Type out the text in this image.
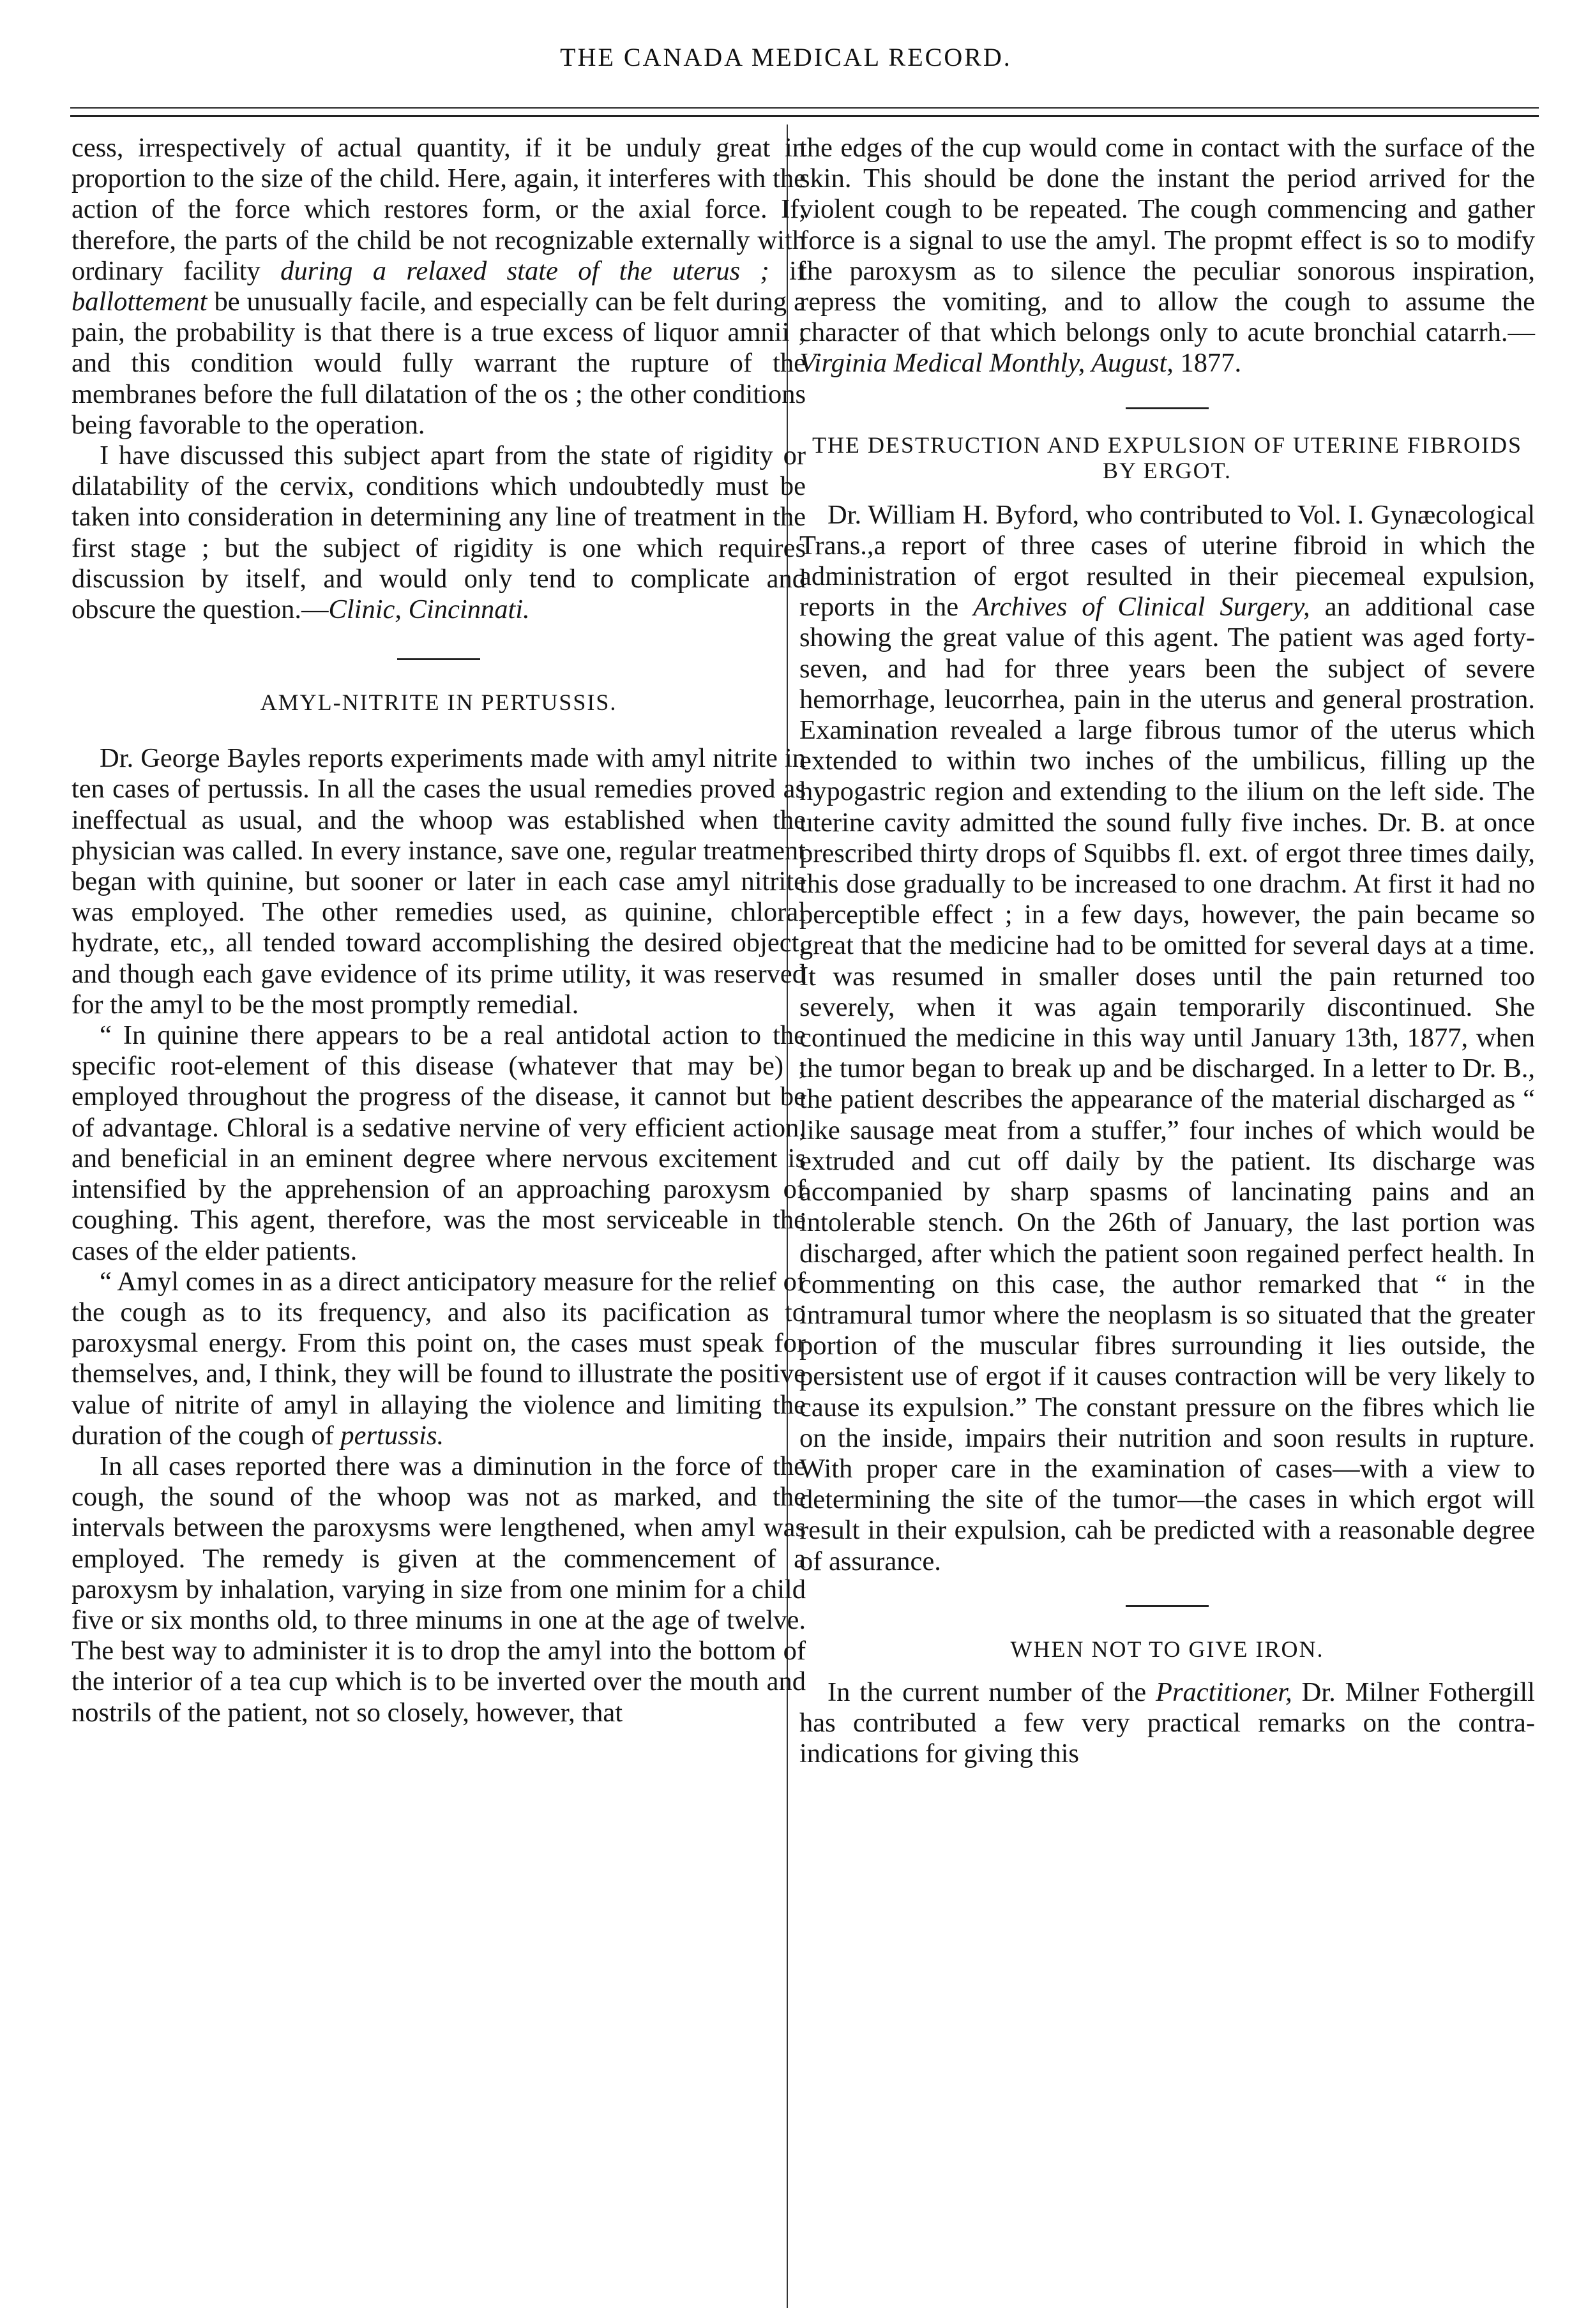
THE CANADA MEDICAL RECORD.

cess, irrespectively of actual quantity, if it be unduly great in proportion to the size of the child. Here, again, it interferes with the action of the force which restores form, or the axial force. If, therefore, the parts of the child be not recognizable externally with ordinary facility during a relaxed state of the uterus ; if ballottement be unusually facile, and especially can be felt during a pain, the probability is that there is a true excess of liquor amnii ; and this condition would fully warrant the rupture of the membranes before the full dilatation of the os ; the other conditions being favorable to the operation.

I have discussed this subject apart from the state of rigidity or dilatability of the cervix, conditions which undoubtedly must be taken into consideration in determining any line of treatment in the first stage ; but the subject of rigidity is one which requires discussion by itself, and would only tend to complicate and obscure the question.—Clinic, Cincinnati.

AMYL-NITRITE IN PERTUSSIS.

Dr. George Bayles reports experiments made with amyl nitrite in ten cases of pertussis. In all the cases the usual remedies proved as ineffectual as usual, and the whoop was established when the physician was called. In every instance, save one, regular treatment began with quinine, but sooner or later in each case amyl nitrite was employed. The other remedies used, as quinine, chloral hydrate, etc,, all tended toward accomplishing the desired object, and though each gave evidence of its prime utility, it was reserved for the amyl to be the most promptly remedial.

“ In quinine there appears to be a real antidotal action to the specific root-element of this disease (whatever that may be) ; employed throughout the progress of the disease, it cannot but be of advantage. Chloral is a sedative nervine of very efficient action, and beneficial in an eminent degree where nervous excitement is intensified by the apprehension of an approaching paroxysm of coughing. This agent, therefore, was the most serviceable in the cases of the elder patients.

“ Amyl comes in as a direct anticipatory measure for the relief of the cough as to its frequency, and also its pacification as to paroxysmal energy. From this point on, the cases must speak for themselves, and, I think, they will be found to illustrate the positive value of nitrite of amyl in allaying the violence and limiting the duration of the cough of pertussis.

In all cases reported there was a diminution in the force of the cough, the sound of the whoop was not as marked, and the intervals between the paroxysms were lengthened, when amyl was employed. The remedy is given at the commencement of a paroxysm by inhalation, varying in size from one minim for a child five or six months old, to three minums in one at the age of twelve. The best way to administer it is to drop the amyl into the bottom of the interior of a tea cup which is to be inverted over the mouth and nostrils of the patient, not so closely, however, that

the edges of the cup would come in contact with the surface of the skin. This should be done the instant the period arrived for the violent cough to be repeated. The cough commencing and gather force is a signal to use the amyl. The propmt effect is so to modify the paroxysm as to silence the peculiar sonorous inspiration, repress the vomiting, and to allow the cough to assume the character of that which belongs only to acute bronchial catarrh.— Virginia Medical Monthly, August, 1877.

THE DESTRUCTION AND EXPULSION OF UTERINE FIBROIDS BY ERGOT.

Dr. William H. Byford, who contributed to Vol. I. Gynæcological Trans.,a report of three cases of uterine fibroid in which the administration of ergot resulted in their piecemeal expulsion, reports in the Archives of Clinical Surgery, an additional case showing the great value of this agent. The patient was aged forty-seven, and had for three years been the subject of severe hemorrhage, leucorrhea, pain in the uterus and general prostration. Examination revealed a large fibrous tumor of the uterus which extended to within two inches of the umbilicus, filling up the hypogastric region and extending to the ilium on the left side. The uterine cavity admitted the sound fully five inches. Dr. B. at once prescribed thirty drops of Squibbs fl. ext. of ergot three times daily, this dose gradually to be increased to one drachm. At first it had no perceptible effect ; in a few days, however, the pain became so great that the medicine had to be omitted for several days at a time. It was resumed in smaller doses until the pain returned too severely, when it was again temporarily discontinued. She continued the medicine in this way until January 13th, 1877, when the tumor began to break up and be discharged. In a letter to Dr. B., the patient describes the appearance of the material discharged as “ like sausage meat from a stuffer,” four inches of which would be extruded and cut off daily by the patient. Its discharge was accompanied by sharp spasms of lancinating pains and an intolerable stench. On the 26th of January, the last portion was discharged, after which the patient soon regained perfect health. In commenting on this case, the author remarked that “ in the intramural tumor where the neoplasm is so situated that the greater portion of the muscular fibres surrounding it lies outside, the persistent use of ergot if it causes contraction will be very likely to cause its expulsion.” The constant pressure on the fibres which lie on the inside, impairs their nutrition and soon results in rupture. With proper care in the examination of cases—with a view to determining the site of the tumor—the cases in which ergot will result in their expulsion, cah be predicted with a reasonable degree of assurance.

WHEN NOT TO GIVE IRON.

In the current number of the Practitioner, Dr. Milner Fothergill has contributed a few very practical remarks on the contra-indications for giving this
